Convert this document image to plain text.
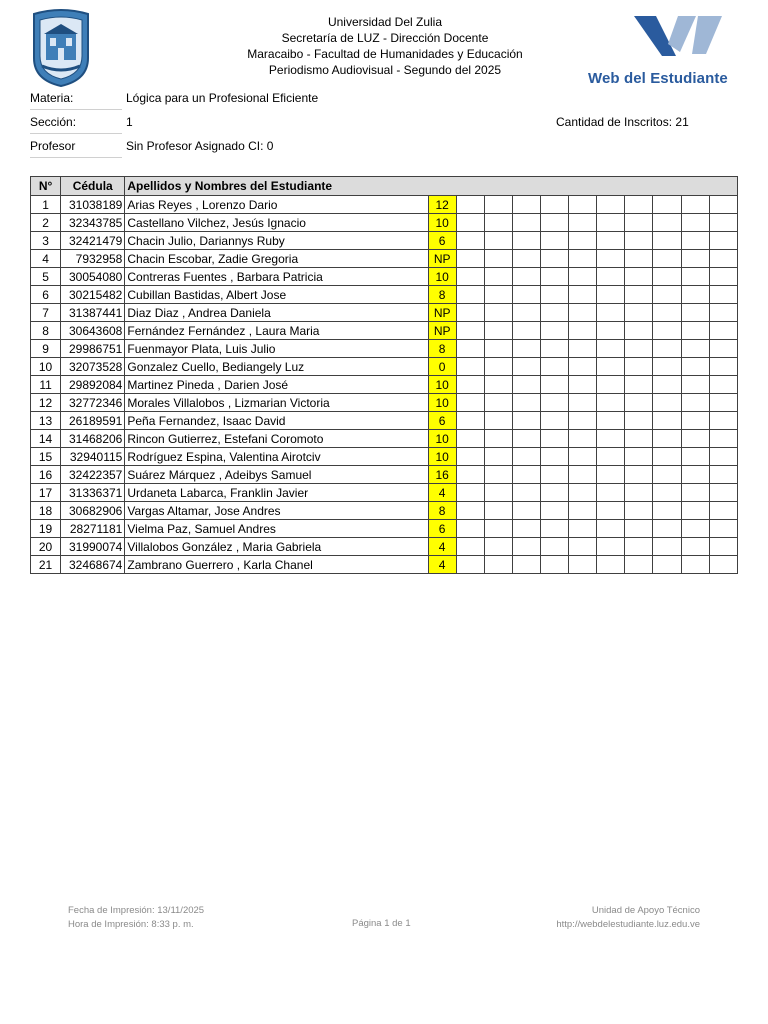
Universidad Del Zulia
Secretaría de LUZ - Dirección Docente
Maracaibo - Facultad de Humanidades y Educación
Periodismo Audiovisual - Segundo del 2025	Web del Estudiante
Materia:	Lógica para un Profesional Eficiente
Sección:	1
Profesor	Sin Profesor Asignado CI: 0
Cantidad de Inscritos: 21
N°	Cédula	Apellidos y Nombres del Estudiante											
1	31038189	Arias Reyes , Lorenzo Dario	12										
2	32343785	Castellano Vilchez, Jesús Ignacio	10										
3	32421479	Chacin Julio, Dariannys Ruby	6										
4	7932958	Chacin Escobar, Zadie Gregoria	NP										
5	30054080	Contreras Fuentes , Barbara Patricia	10										
6	30215482	Cubillan Bastidas, Albert Jose	8										
7	31387441	Diaz Diaz , Andrea Daniela	NP										
8	30643608	Fernández Fernández , Laura Maria	NP										
9	29986751	Fuenmayor Plata, Luis Julio	8										
10	32073528	Gonzalez Cuello, Bediangely Luz	0										
11	29892084	Martinez Pineda , Darien José	10										
12	32772346	Morales Villalobos , Lizmarian Victoria	10										
13	26189591	Peña Fernandez, Isaac David	6										
14	31468206	Rincon Gutierrez, Estefani Coromoto	10										
15	32940115	Rodríguez Espina, Valentina Airotciv	10										
16	32422357	Suárez Márquez , Adeibys Samuel	16										
17	31336371	Urdaneta Labarca, Franklin Javier	4										
18	30682906	Vargas Altamar, Jose Andres	8										
19	28271181	Vielma Paz, Samuel Andres	6										
20	31990074	Villalobos González , Maria Gabriela	4										
21	32468674	Zambrano Guerrero , Karla Chanel	4										
Fecha de Impresión: 13/11/2025
Hora de Impresión: 8:33 p. m.	Página 1 de 1
Unidad de Apoyo Técnico
http://webdelestudiante.luz.edu.ve
